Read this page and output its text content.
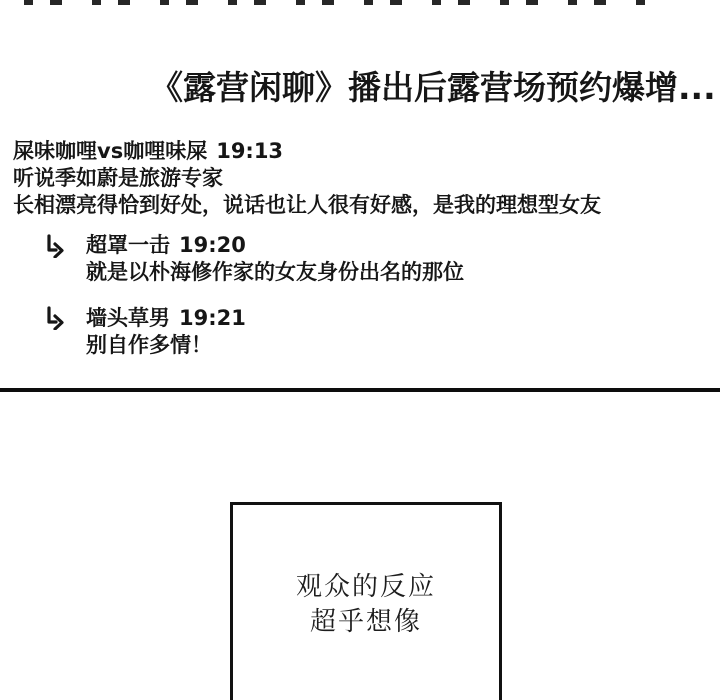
《露营闲聊》播出后露营场预约爆增...
屎味咖哩vs咖哩味屎 19:13
听说季如蔚是旅游专家
长相漂亮得恰到好处，说话也让人很有好感，是我的理想型女友
超罩一击 19:20
就是以朴海修作家的女友身份出名的那位
墙头草男 19:21
别自作多情！
观众的反应
超乎想像
